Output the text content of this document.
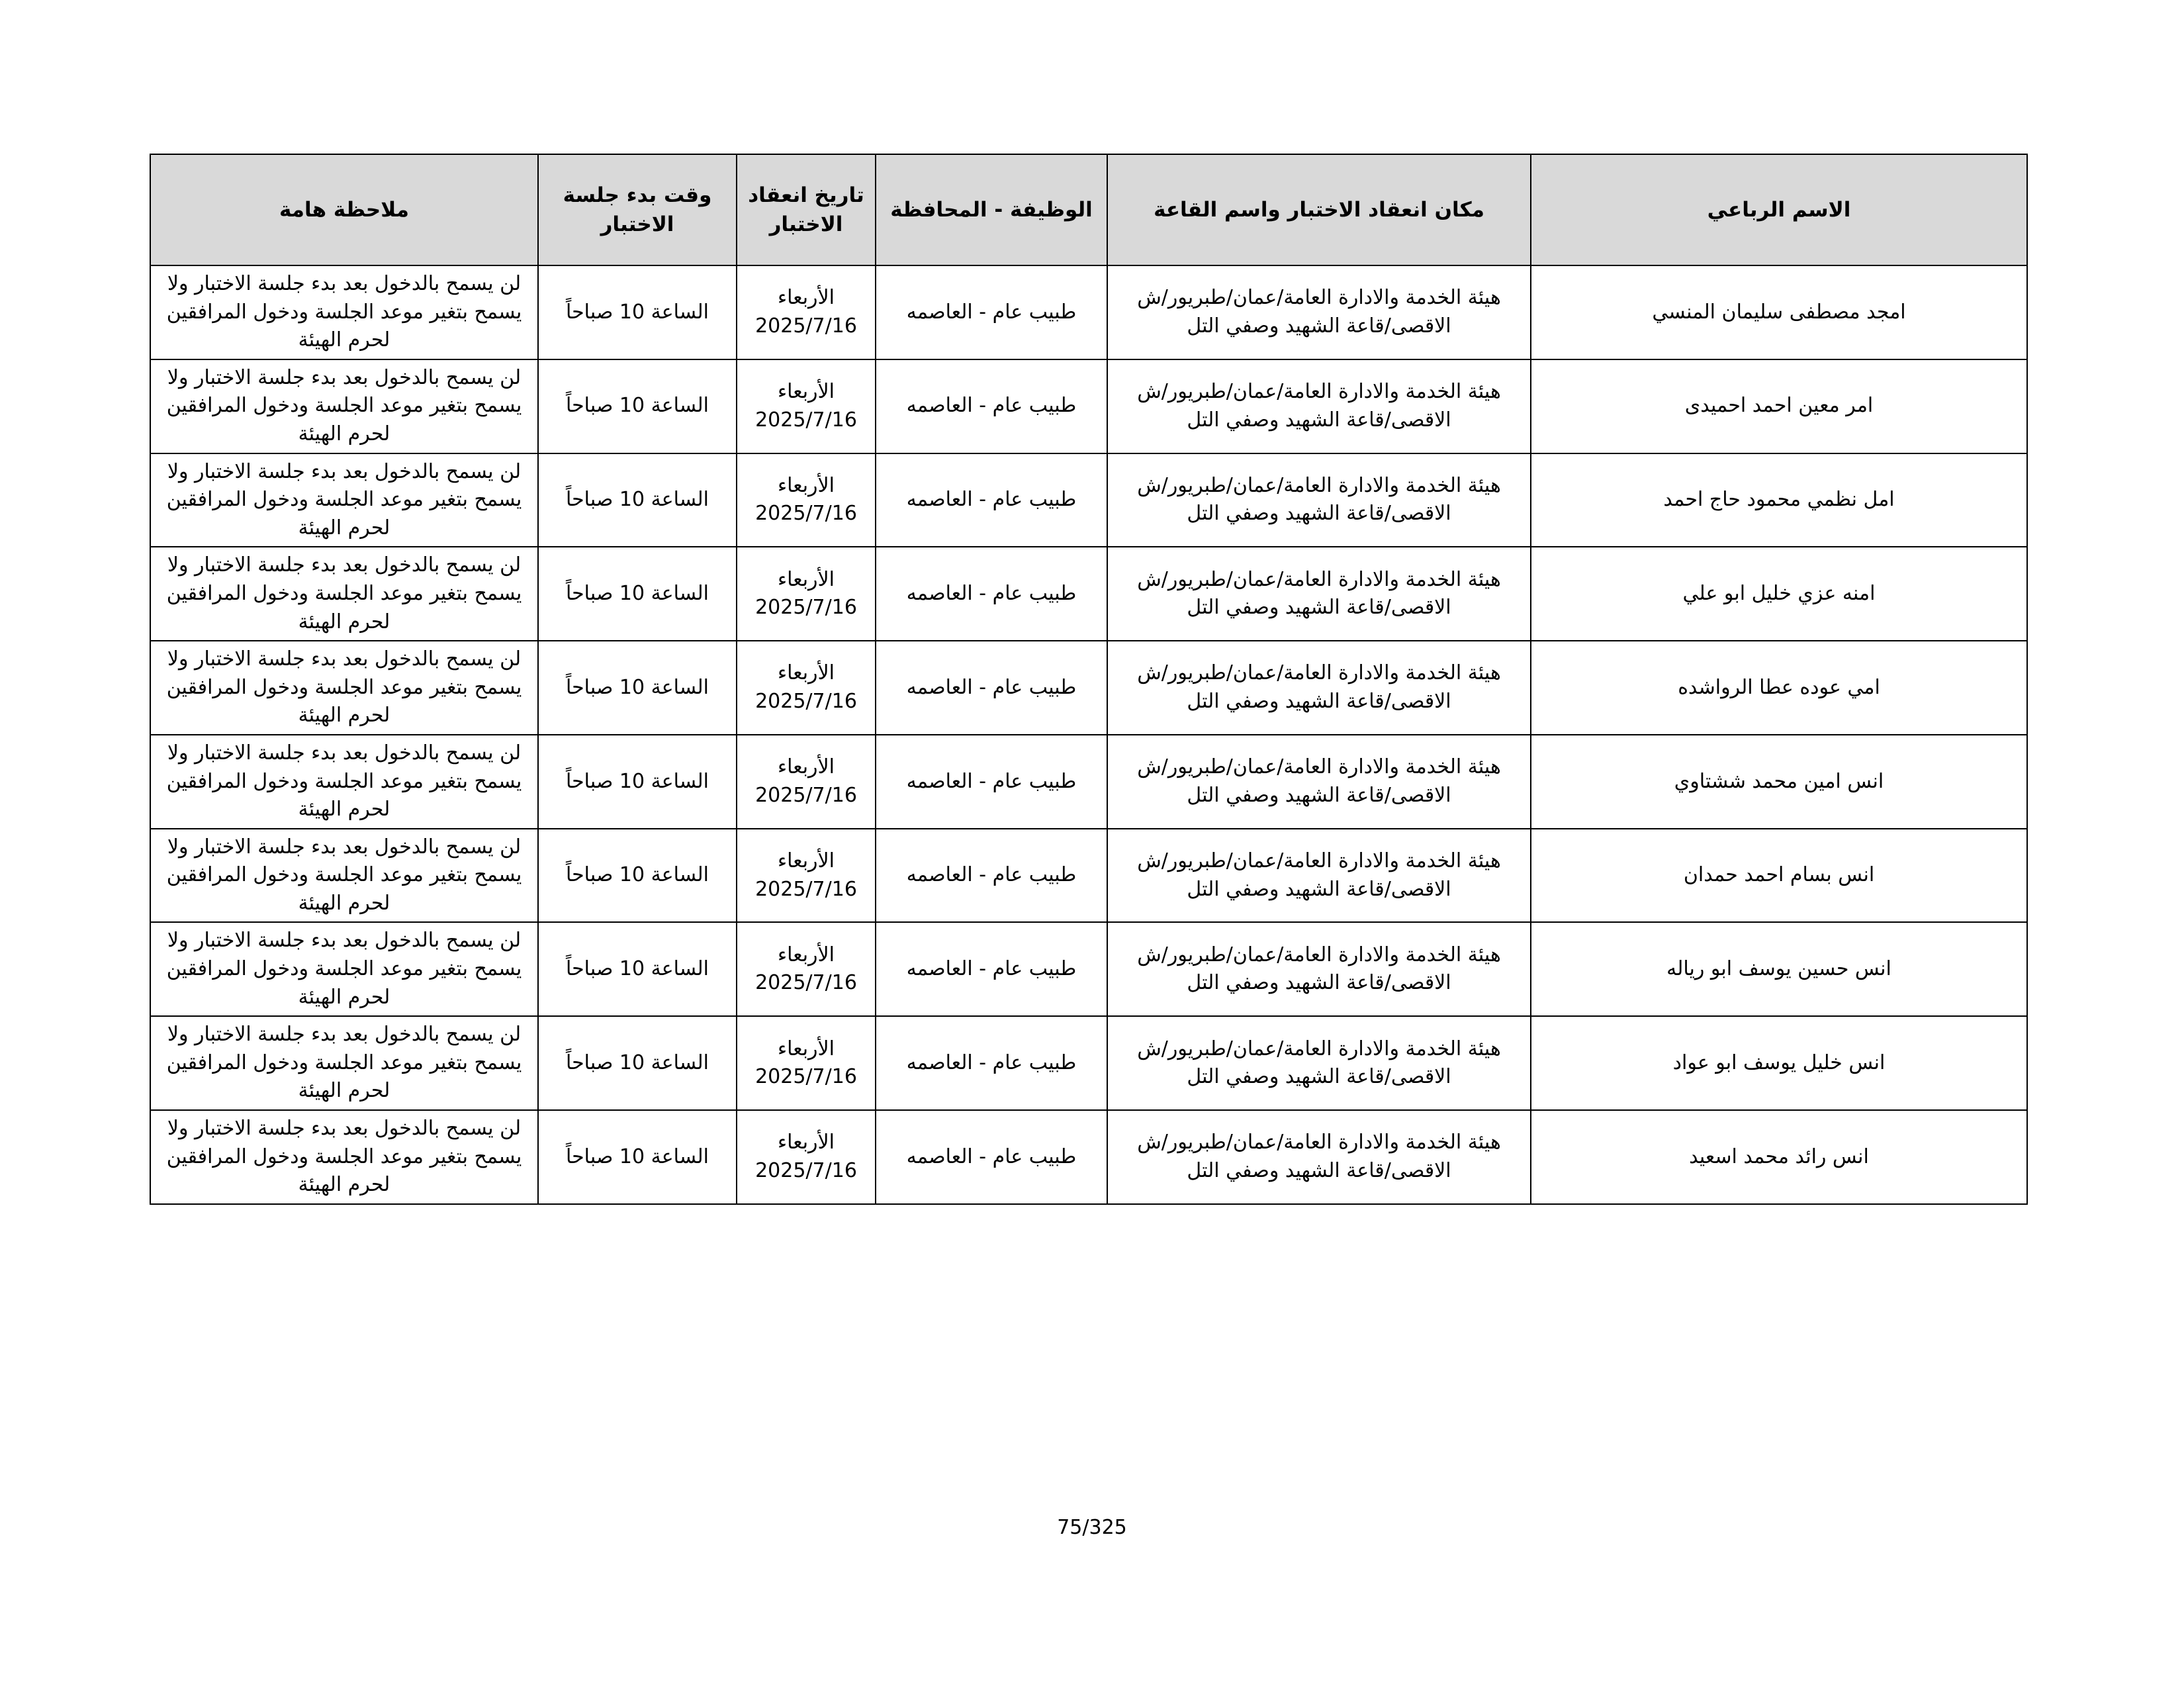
الاسم الرباعي	مكان انعقاد الاختبار واسم القاعة	الوظيفة - المحافظة	تاريخ انعقاد الاختبار	وقت بدء جلسة الاختبار	ملاحظة هامة
امجد مصطفى سليمان المنسي	هيئة الخدمة والادارة العامة/عمان/طبريور/ش الاقصى/قاعة الشهيد وصفي التل	طبيب عام - العاصمه	الأربعاء 2025/7/16	الساعة 10 صباحاً	لن يسمح بالدخول بعد بدء جلسة الاختبار ولا يسمح بتغير موعد الجلسة ودخول المرافقين لحرم الهيئة
امر معين احمد احميدى	هيئة الخدمة والادارة العامة/عمان/طبريور/ش الاقصى/قاعة الشهيد وصفي التل	طبيب عام - العاصمه	الأربعاء 2025/7/16	الساعة 10 صباحاً	لن يسمح بالدخول بعد بدء جلسة الاختبار ولا يسمح بتغير موعد الجلسة ودخول المرافقين لحرم الهيئة
امل نظمي محمود حاج احمد	هيئة الخدمة والادارة العامة/عمان/طبريور/ش الاقصى/قاعة الشهيد وصفي التل	طبيب عام - العاصمه	الأربعاء 2025/7/16	الساعة 10 صباحاً	لن يسمح بالدخول بعد بدء جلسة الاختبار ولا يسمح بتغير موعد الجلسة ودخول المرافقين لحرم الهيئة
امنه عزي خليل ابو علي	هيئة الخدمة والادارة العامة/عمان/طبريور/ش الاقصى/قاعة الشهيد وصفي التل	طبيب عام - العاصمه	الأربعاء 2025/7/16	الساعة 10 صباحاً	لن يسمح بالدخول بعد بدء جلسة الاختبار ولا يسمح بتغير موعد الجلسة ودخول المرافقين لحرم الهيئة
امي عوده عطا الرواشده	هيئة الخدمة والادارة العامة/عمان/طبريور/ش الاقصى/قاعة الشهيد وصفي التل	طبيب عام - العاصمه	الأربعاء 2025/7/16	الساعة 10 صباحاً	لن يسمح بالدخول بعد بدء جلسة الاختبار ولا يسمح بتغير موعد الجلسة ودخول المرافقين لحرم الهيئة
انس امين محمد ششتاوي	هيئة الخدمة والادارة العامة/عمان/طبريور/ش الاقصى/قاعة الشهيد وصفي التل	طبيب عام - العاصمه	الأربعاء 2025/7/16	الساعة 10 صباحاً	لن يسمح بالدخول بعد بدء جلسة الاختبار ولا يسمح بتغير موعد الجلسة ودخول المرافقين لحرم الهيئة
انس بسام احمد حمدان	هيئة الخدمة والادارة العامة/عمان/طبريور/ش الاقصى/قاعة الشهيد وصفي التل	طبيب عام - العاصمه	الأربعاء 2025/7/16	الساعة 10 صباحاً	لن يسمح بالدخول بعد بدء جلسة الاختبار ولا يسمح بتغير موعد الجلسة ودخول المرافقين لحرم الهيئة
انس حسين يوسف ابو رياله	هيئة الخدمة والادارة العامة/عمان/طبريور/ش الاقصى/قاعة الشهيد وصفي التل	طبيب عام - العاصمه	الأربعاء 2025/7/16	الساعة 10 صباحاً	لن يسمح بالدخول بعد بدء جلسة الاختبار ولا يسمح بتغير موعد الجلسة ودخول المرافقين لحرم الهيئة
انس خليل يوسف ابو عواد	هيئة الخدمة والادارة العامة/عمان/طبريور/ش الاقصى/قاعة الشهيد وصفي التل	طبيب عام - العاصمه	الأربعاء 2025/7/16	الساعة 10 صباحاً	لن يسمح بالدخول بعد بدء جلسة الاختبار ولا يسمح بتغير موعد الجلسة ودخول المرافقين لحرم الهيئة
انس رائد محمد اسعيد	هيئة الخدمة والادارة العامة/عمان/طبريور/ش الاقصى/قاعة الشهيد وصفي التل	طبيب عام - العاصمه	الأربعاء 2025/7/16	الساعة 10 صباحاً	لن يسمح بالدخول بعد بدء جلسة الاختبار ولا يسمح بتغير موعد الجلسة ودخول المرافقين لحرم الهيئة
75/325
